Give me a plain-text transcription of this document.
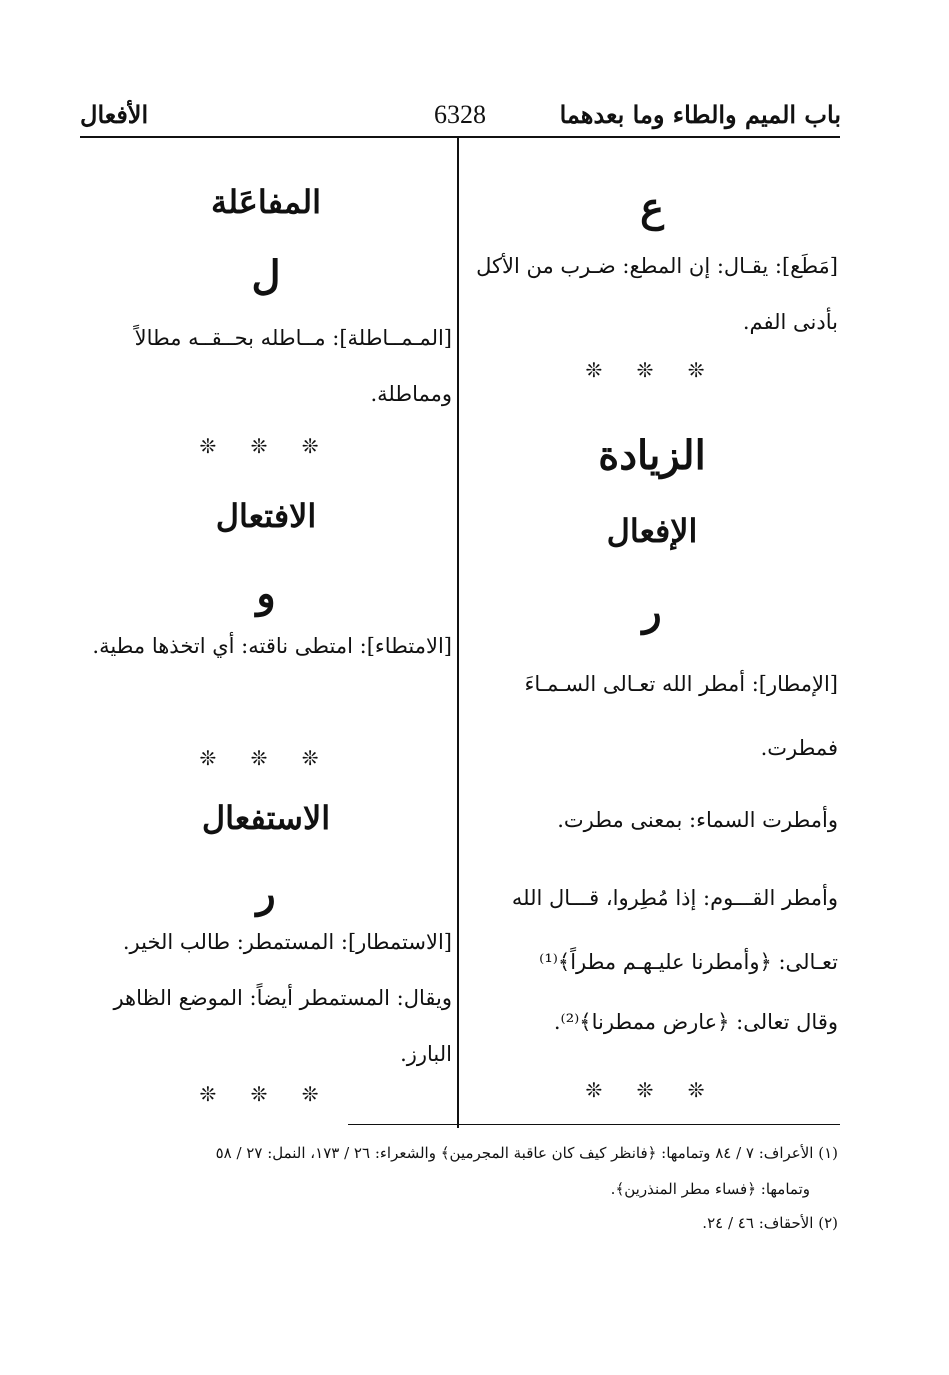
باب الميم والطاء وما بعدهما
6328
الأفعال
ع

[مَطَع]: يقـال: إن المطع: ضـرب من الأكل بأدنى الفم.

❊ ❊ ❊
الزيادة
الإفعال
ر

[الإمطار]: أمطر الله تعـالى السـمـاءَ فمطرت.

وأمطرت السماء: بمعنى مطرت.

وأمطر القـــوم: إذا مُطِروا، قـــال الله تعـالى: ﴿وأمطرنا عليـهـم مطراً﴾⁽¹⁾

وقال تعالى: ﴿عارض ممطرنا﴾⁽²⁾.

❊ ❊ ❊
المفاعَلة
ل

[المـمــاطلة]: مــاطله بحــقــه مطالاً ومماطلة.

❊ ❊ ❊
الافتعال
و

[الامتطاء]: امتطى ناقته: أي اتخذها مطية.

❊ ❊ ❊
الاستفعال
ر

[الاستمطار]: المستمطر: طالب الخير.

ويقال: المستمطر أيضاً: الموضع الظاهر البارز.

❊ ❊ ❊
(١) الأعراف: ٧ / ٨٤ وتمامها: ﴿فانظر كيف كان عاقبة المجرمين﴾ والشعراء: ٢٦ / ١٧٣، النمل: ٢٧ / ٥٨
وتمامها: ﴿فساء مطر المنذرين﴾.
(٢) الأحقاف: ٤٦ / ٢٤.
